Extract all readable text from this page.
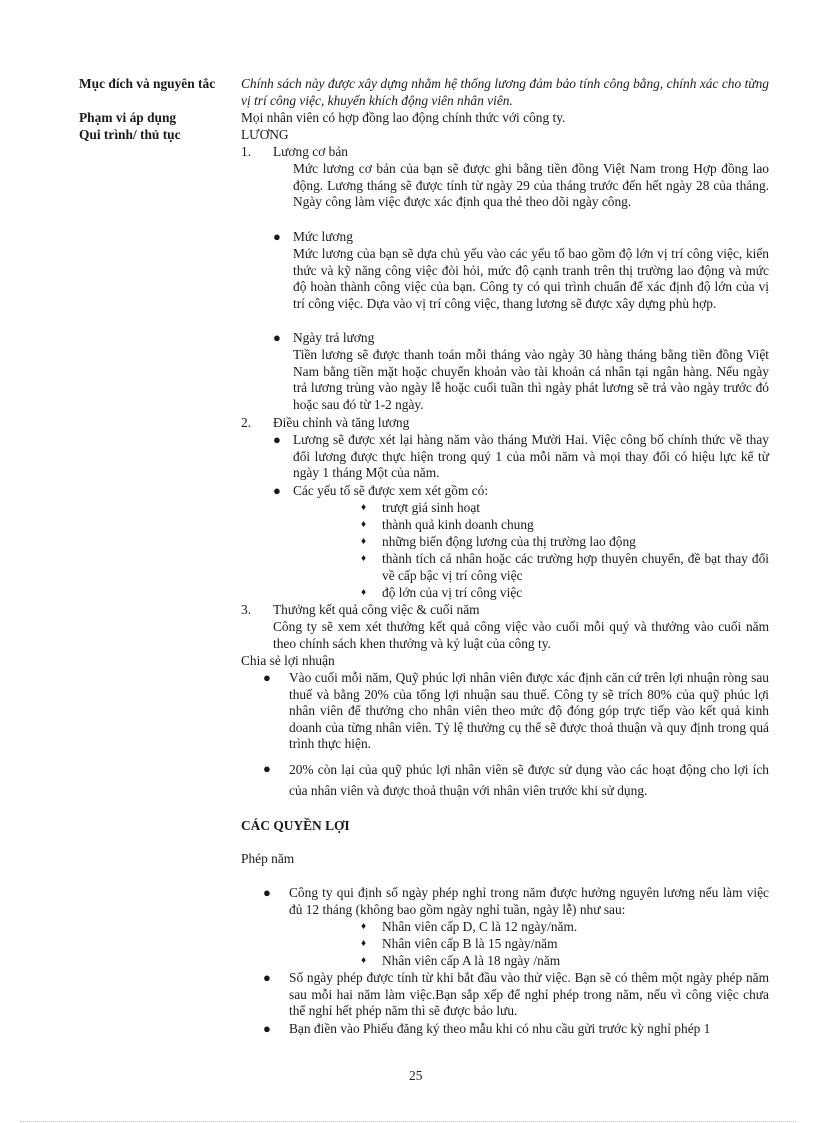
Mục đích và nguyên tắc
Phạm vi áp dụng
Qui trình/ thủ tục
Chính sách này được xây dựng nhằm hệ thống lương đảm bảo tính công bằng, chính xác cho từng vị trí công việc, khuyến khích động viên nhân viên.
Mọi nhân viên có hợp đồng lao động chính thức với công ty.
LƯƠNG
1. Lương cơ bản
Mức lương cơ bản của bạn sẽ được ghi bằng tiền đồng Việt Nam trong Hợp đồng lao động. Lương tháng sẽ được tính từ ngày 29 của tháng trước đến hết ngày 28 của tháng. Ngày công làm việc được xác định qua thẻ theo dõi ngày công.
● Mức lương
Mức lương của bạn sẽ dựa chủ yếu vào các yếu tố bao gồm độ lớn vị trí công việc, kiến thức và kỹ năng công việc đòi hỏi, mức độ cạnh tranh trên thị trường lao động và mức độ hoàn thành công việc của bạn. Công ty có qui trình chuẩn để xác định độ lớn của vị trí công việc. Dựa vào vị trí công việc, thang lương sẽ được xây dựng phù hợp.
● Ngày trả lương
Tiền lương sẽ được thanh toán mỗi tháng vào ngày 30 hàng tháng bằng tiền đồng Việt Nam bằng tiền mặt hoặc chuyển khoản vào tài khoản cá nhân tại ngân hàng. Nếu ngày trả lương trùng vào ngày lễ hoặc cuối tuần thì ngày phát lương sẽ trả vào ngày trước đó hoặc sau đó từ 1-2 ngày.
2. Điều chỉnh và tăng lương
● Lương sẽ được xét lại hàng năm vào tháng Mười Hai. Việc công bố chính thức về thay đổi lương được thực hiện trong quý 1 của mỗi năm và mọi thay đổi có hiệu lực kể từ ngày 1 tháng Một của năm.
● Các yếu tố sẽ được xem xét gồm có:
♦ trượt giá sinh hoạt
♦ thành quả kinh doanh chung
♦ những biến động lương của thị trường lao động
♦ thành tích cá nhân hoặc các trường hợp thuyên chuyển, đề bạt thay đổi về cấp bậc vị trí công việc
♦ độ lớn của vị trí công việc
3. Thưởng kết quả công việc & cuối năm
Công ty sẽ xem xét thưởng kết quả công việc vào cuối mỗi quý và thưởng vào cuối năm theo chính sách khen thưởng và kỷ luật của công ty.
Chia sẻ lợi nhuận
● Vào cuối mỗi năm, Quỹ phúc lợi nhân viên được xác định căn cứ trên lợi nhuận ròng sau thuế và bằng 20% của tổng lợi nhuận sau thuế. Công ty sẽ trích 80% của quỹ phúc lợi nhân viên để thưởng cho nhân viên theo mức độ đóng góp trực tiếp vào kết quả kinh doanh của từng nhân viên. Tỷ lệ thưởng cụ thể sẽ được thoả thuận và quy định trong quá trình thực hiện.
● 20% còn lại của quỹ phúc lợi nhân viên sẽ được sử dụng vào các hoạt động cho lợi ích của nhân viên và được thoả thuận với nhân viên trước khi sử dụng.
CÁC QUYỀN LỢI
Phép năm
● Công ty qui định số ngày phép nghỉ trong năm được hưởng nguyên lương nếu làm việc đủ 12 tháng (không bao gồm ngày nghỉ tuần, ngày lễ) như sau:
♦ Nhân viên cấp D, C là 12 ngày/năm.
♦ Nhân viên cấp B là 15 ngày/năm
♦ Nhân viên cấp A là 18 ngày /năm
● Số ngày phép được tính từ khi bắt đầu vào thử việc. Bạn sẽ có thêm một ngày phép năm sau mỗi hai năm làm việc.Bạn sắp xếp để nghỉ phép trong năm, nếu vì công việc chưa thể nghỉ hết phép năm thì sẽ được bảo lưu.
● Bạn điền vào Phiếu đăng ký theo mẫu khi có nhu cầu gửi trước kỳ nghỉ phép 1
25
